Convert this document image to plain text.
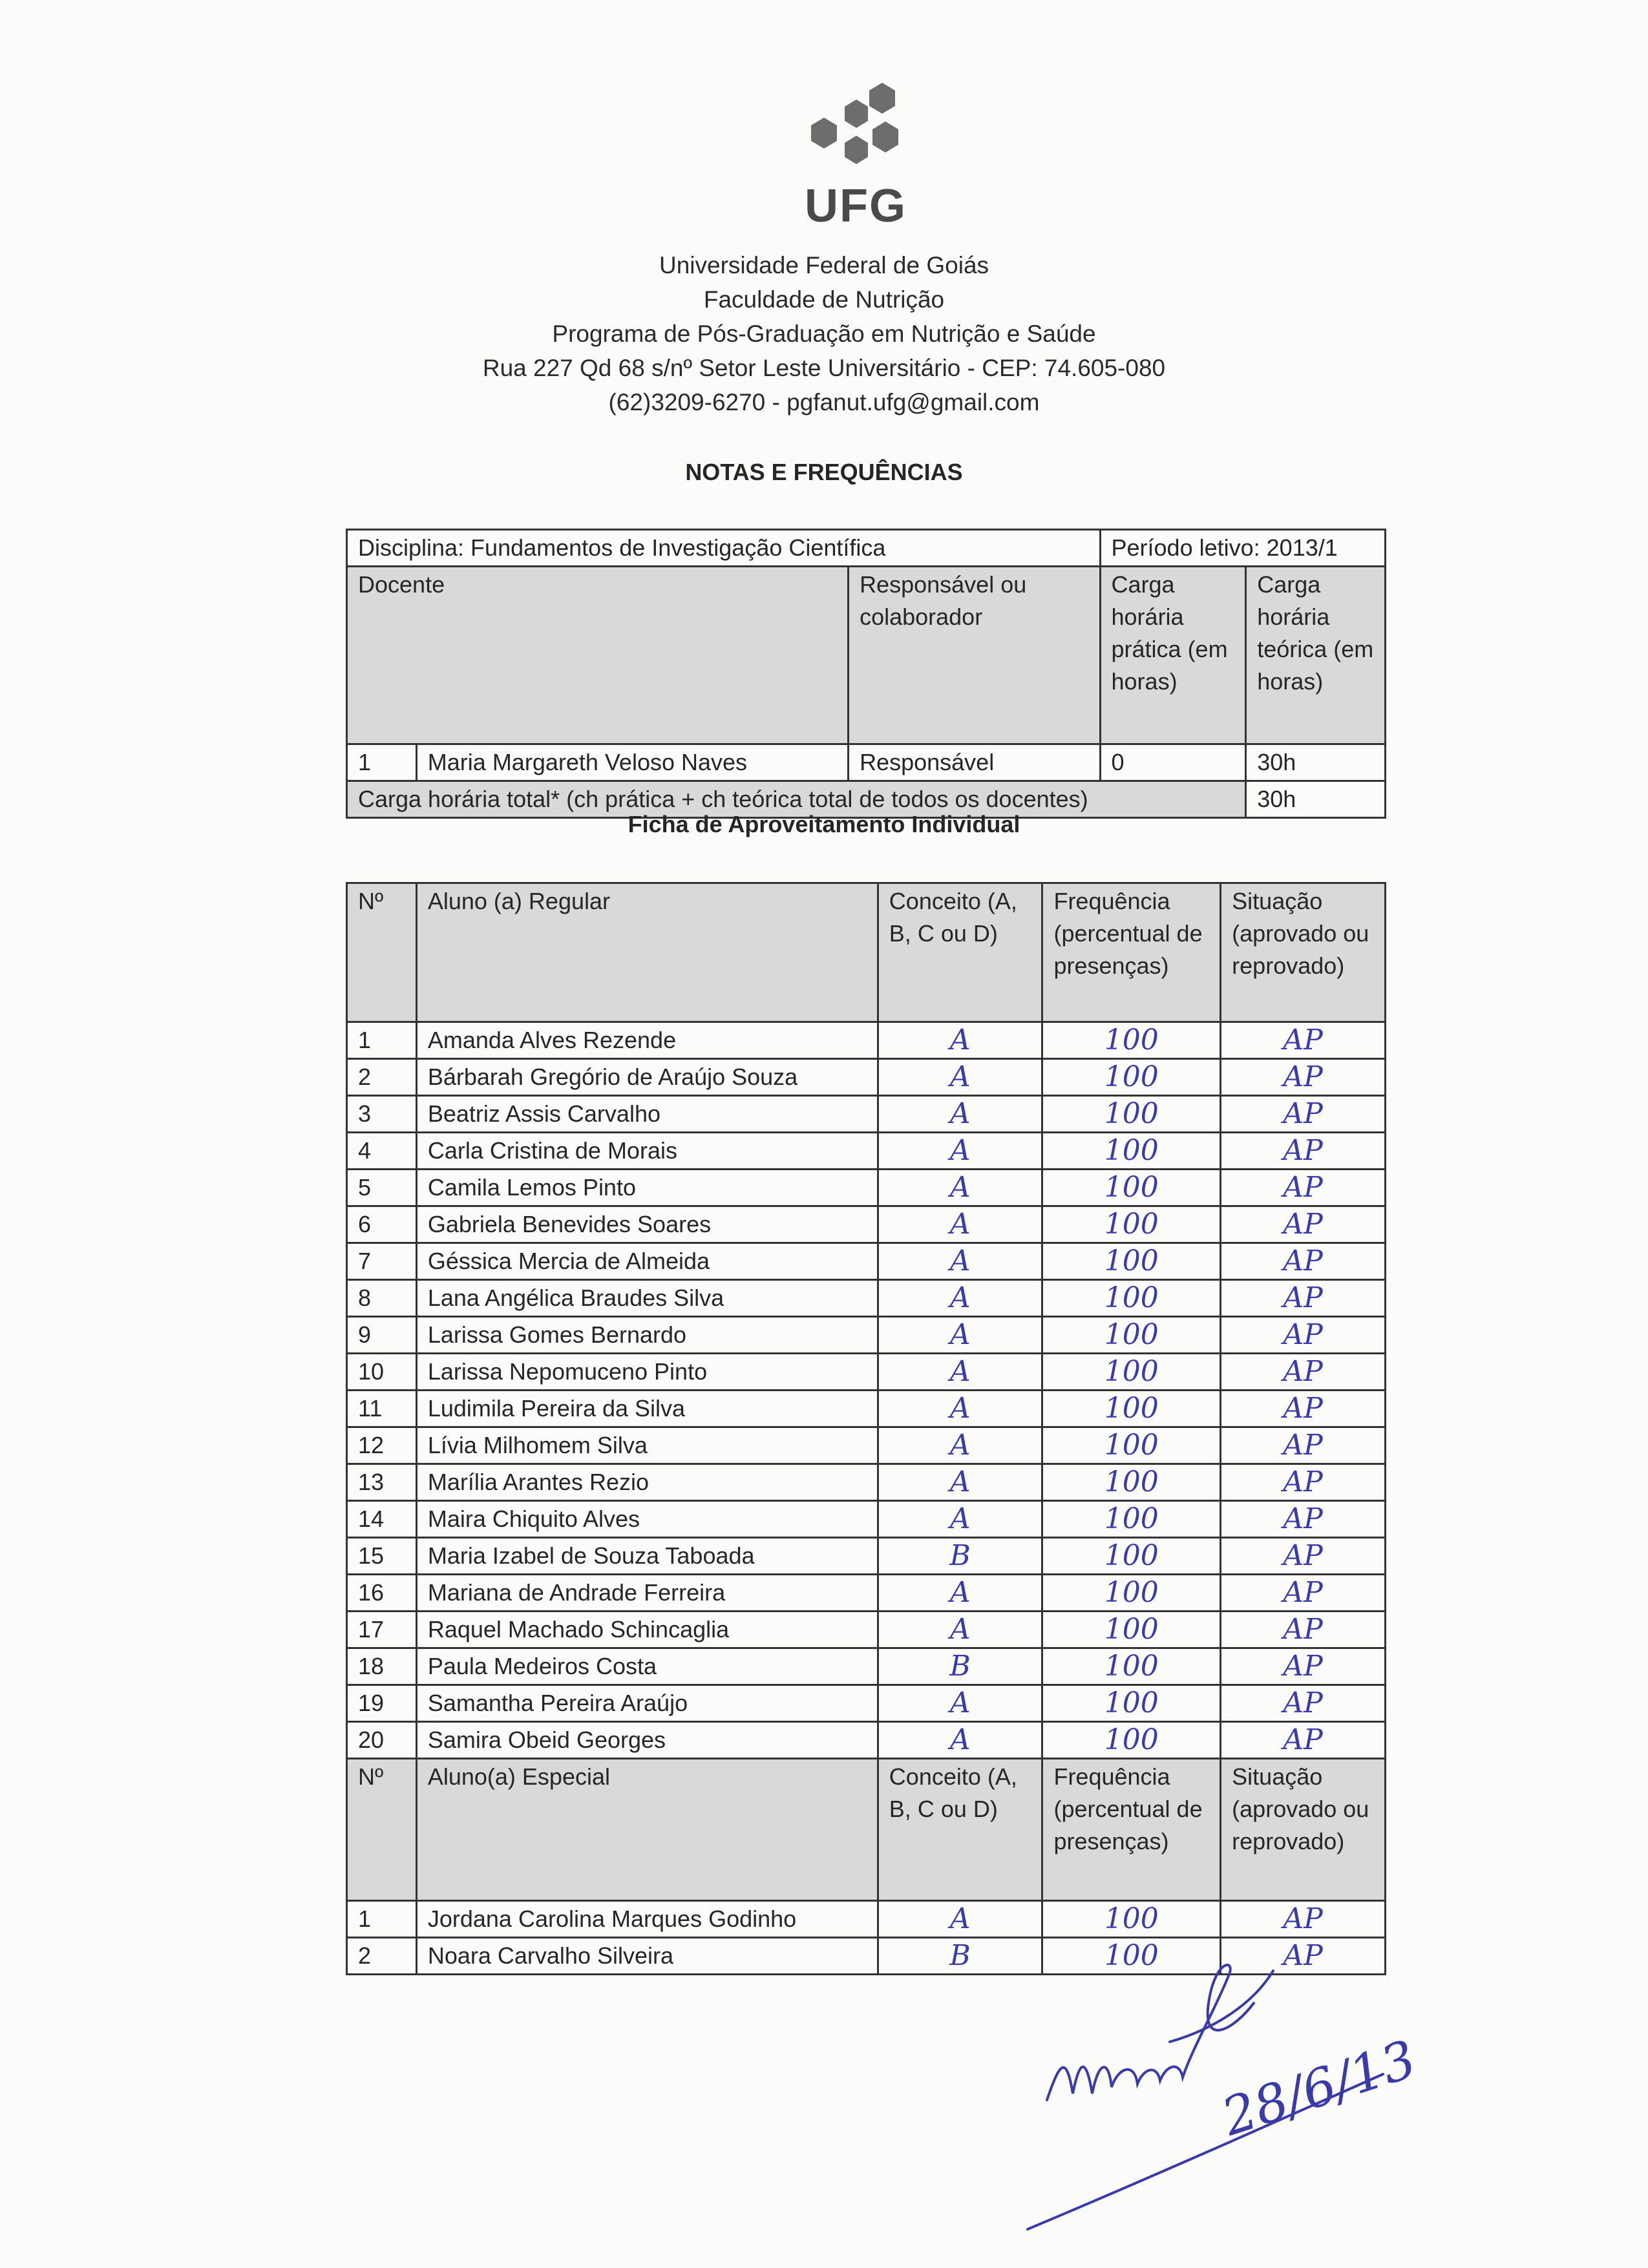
UFG
Universidade Federal de Goiás
Faculdade de Nutrição
Programa de Pós-Graduação em Nutrição e Saúde
Rua 227 Qd 68 s/nº Setor Leste Universitário - CEP: 74.605-080
(62)3209-6270 - pgfanut.ufg@gmail.com
NOTAS E FREQUÊNCIAS
Disciplina: Fundamentos de Investigação Científica			Período letivo: 2013/1	
Docente		Responsável ou colaborador	Carga horária prática (em horas)	Carga horária teórica (em horas)
1	Maria Margareth Veloso Naves	Responsável	0	30h
Carga horária total* (ch prática + ch teórica total de todos os docentes)				30h
Ficha de Aproveitamento Individual
Nº	Aluno (a) Regular	Conceito (A, B, C ou D)	Frequência (percentual de presenças)	Situação (aprovado ou reprovado)
1	Amanda Alves Rezende	A	100	AP
2	Bárbarah Gregório de Araújo Souza	A	100	AP
3	Beatriz Assis Carvalho	A	100	AP
4	Carla Cristina de Morais	A	100	AP
5	Camila Lemos Pinto	A	100	AP
6	Gabriela Benevides Soares	A	100	AP
7	Géssica Mercia de Almeida	A	100	AP
8	Lana Angélica Braudes Silva	A	100	AP
9	Larissa Gomes Bernardo	A	100	AP
10	Larissa Nepomuceno Pinto	A	100	AP
11	Ludimila Pereira da Silva	A	100	AP
12	Lívia Milhomem Silva	A	100	AP
13	Marília Arantes Rezio	A	100	AP
14	Maira Chiquito Alves	A	100	AP
15	Maria Izabel de Souza Taboada	B	100	AP
16	Mariana de Andrade Ferreira	A	100	AP
17	Raquel Machado Schincaglia	A	100	AP
18	Paula Medeiros Costa	B	100	AP
19	Samantha Pereira Araújo	A	100	AP
20	Samira Obeid Georges	A	100	AP
Nº	Aluno(a) Especial	Conceito (A, B, C ou D)	Frequência (percentual de presenças)	Situação (aprovado ou reprovado)
1	Jordana Carolina Marques Godinho	A	100	AP
2	Noara Carvalho Silveira	B	100	AP
28/6/13
